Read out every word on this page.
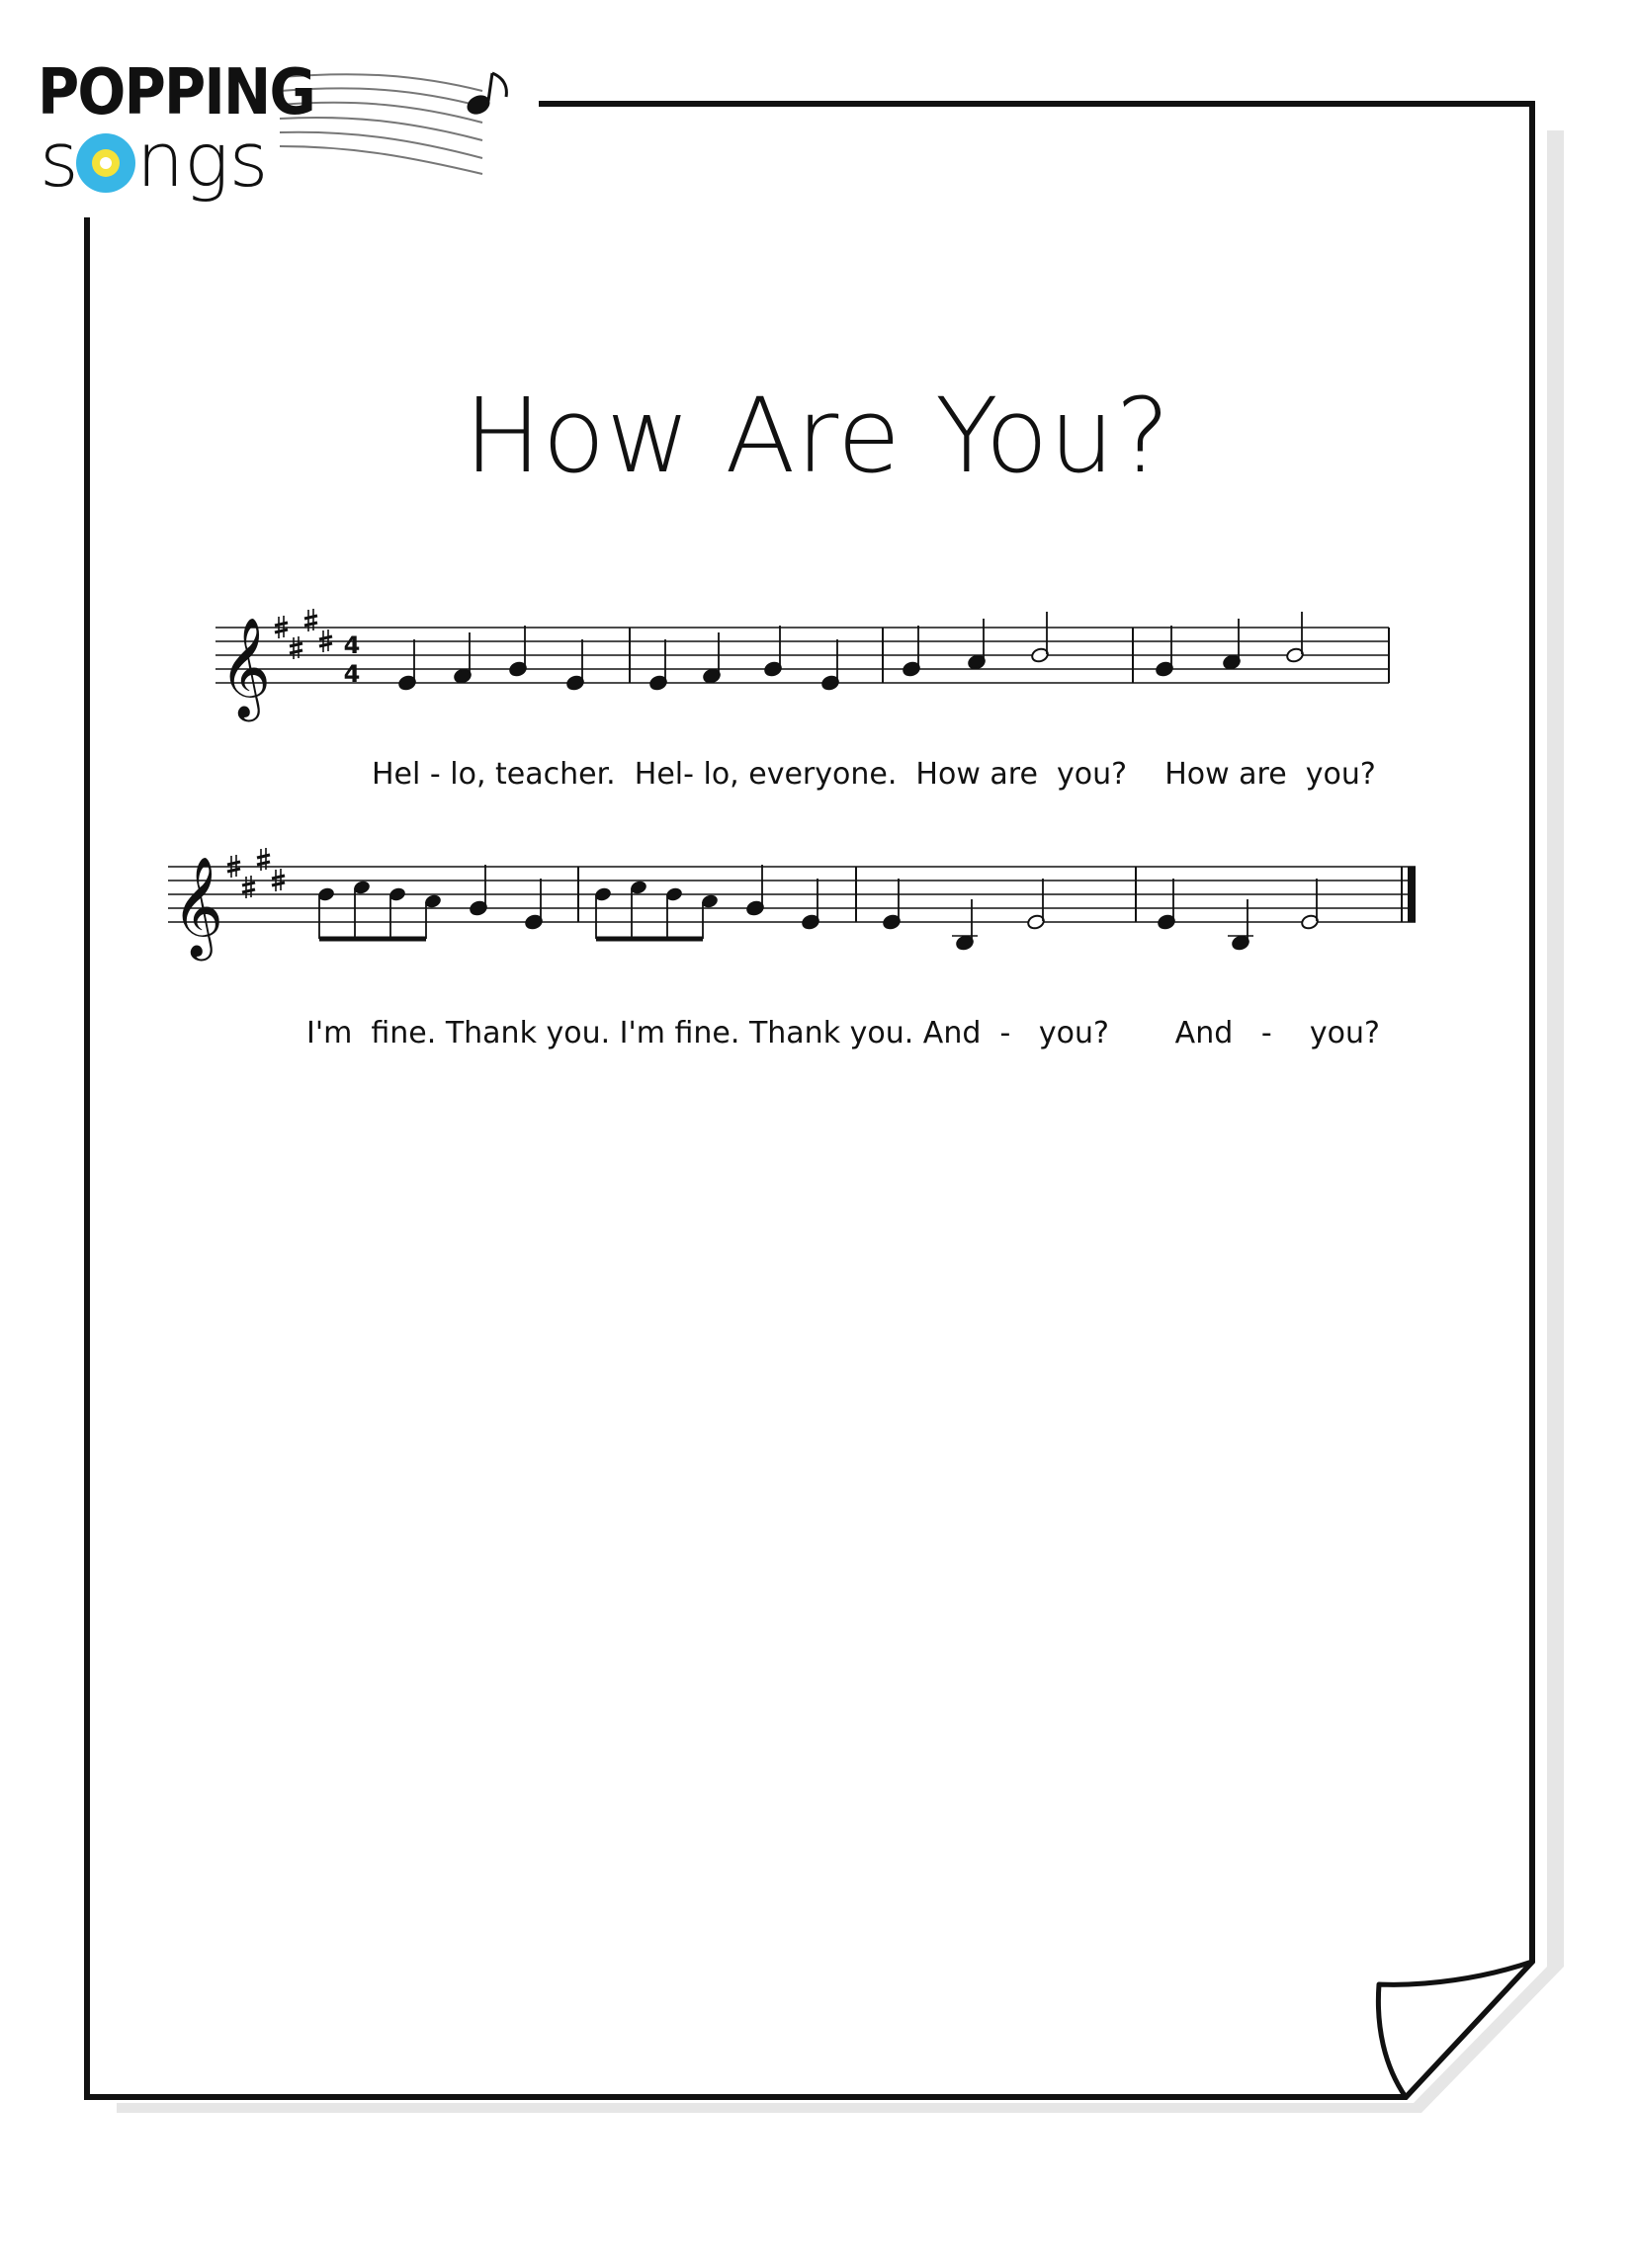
POPPING
s ngs
How Are You?
𝄞	4
4
𝄞
Hel - lo, teacher.  Hel- lo, everyone.  How are  you?    How are  you?
I'm  fine. Thank you. I'm fine. Thank you. And  -   you?       And   -    you?
